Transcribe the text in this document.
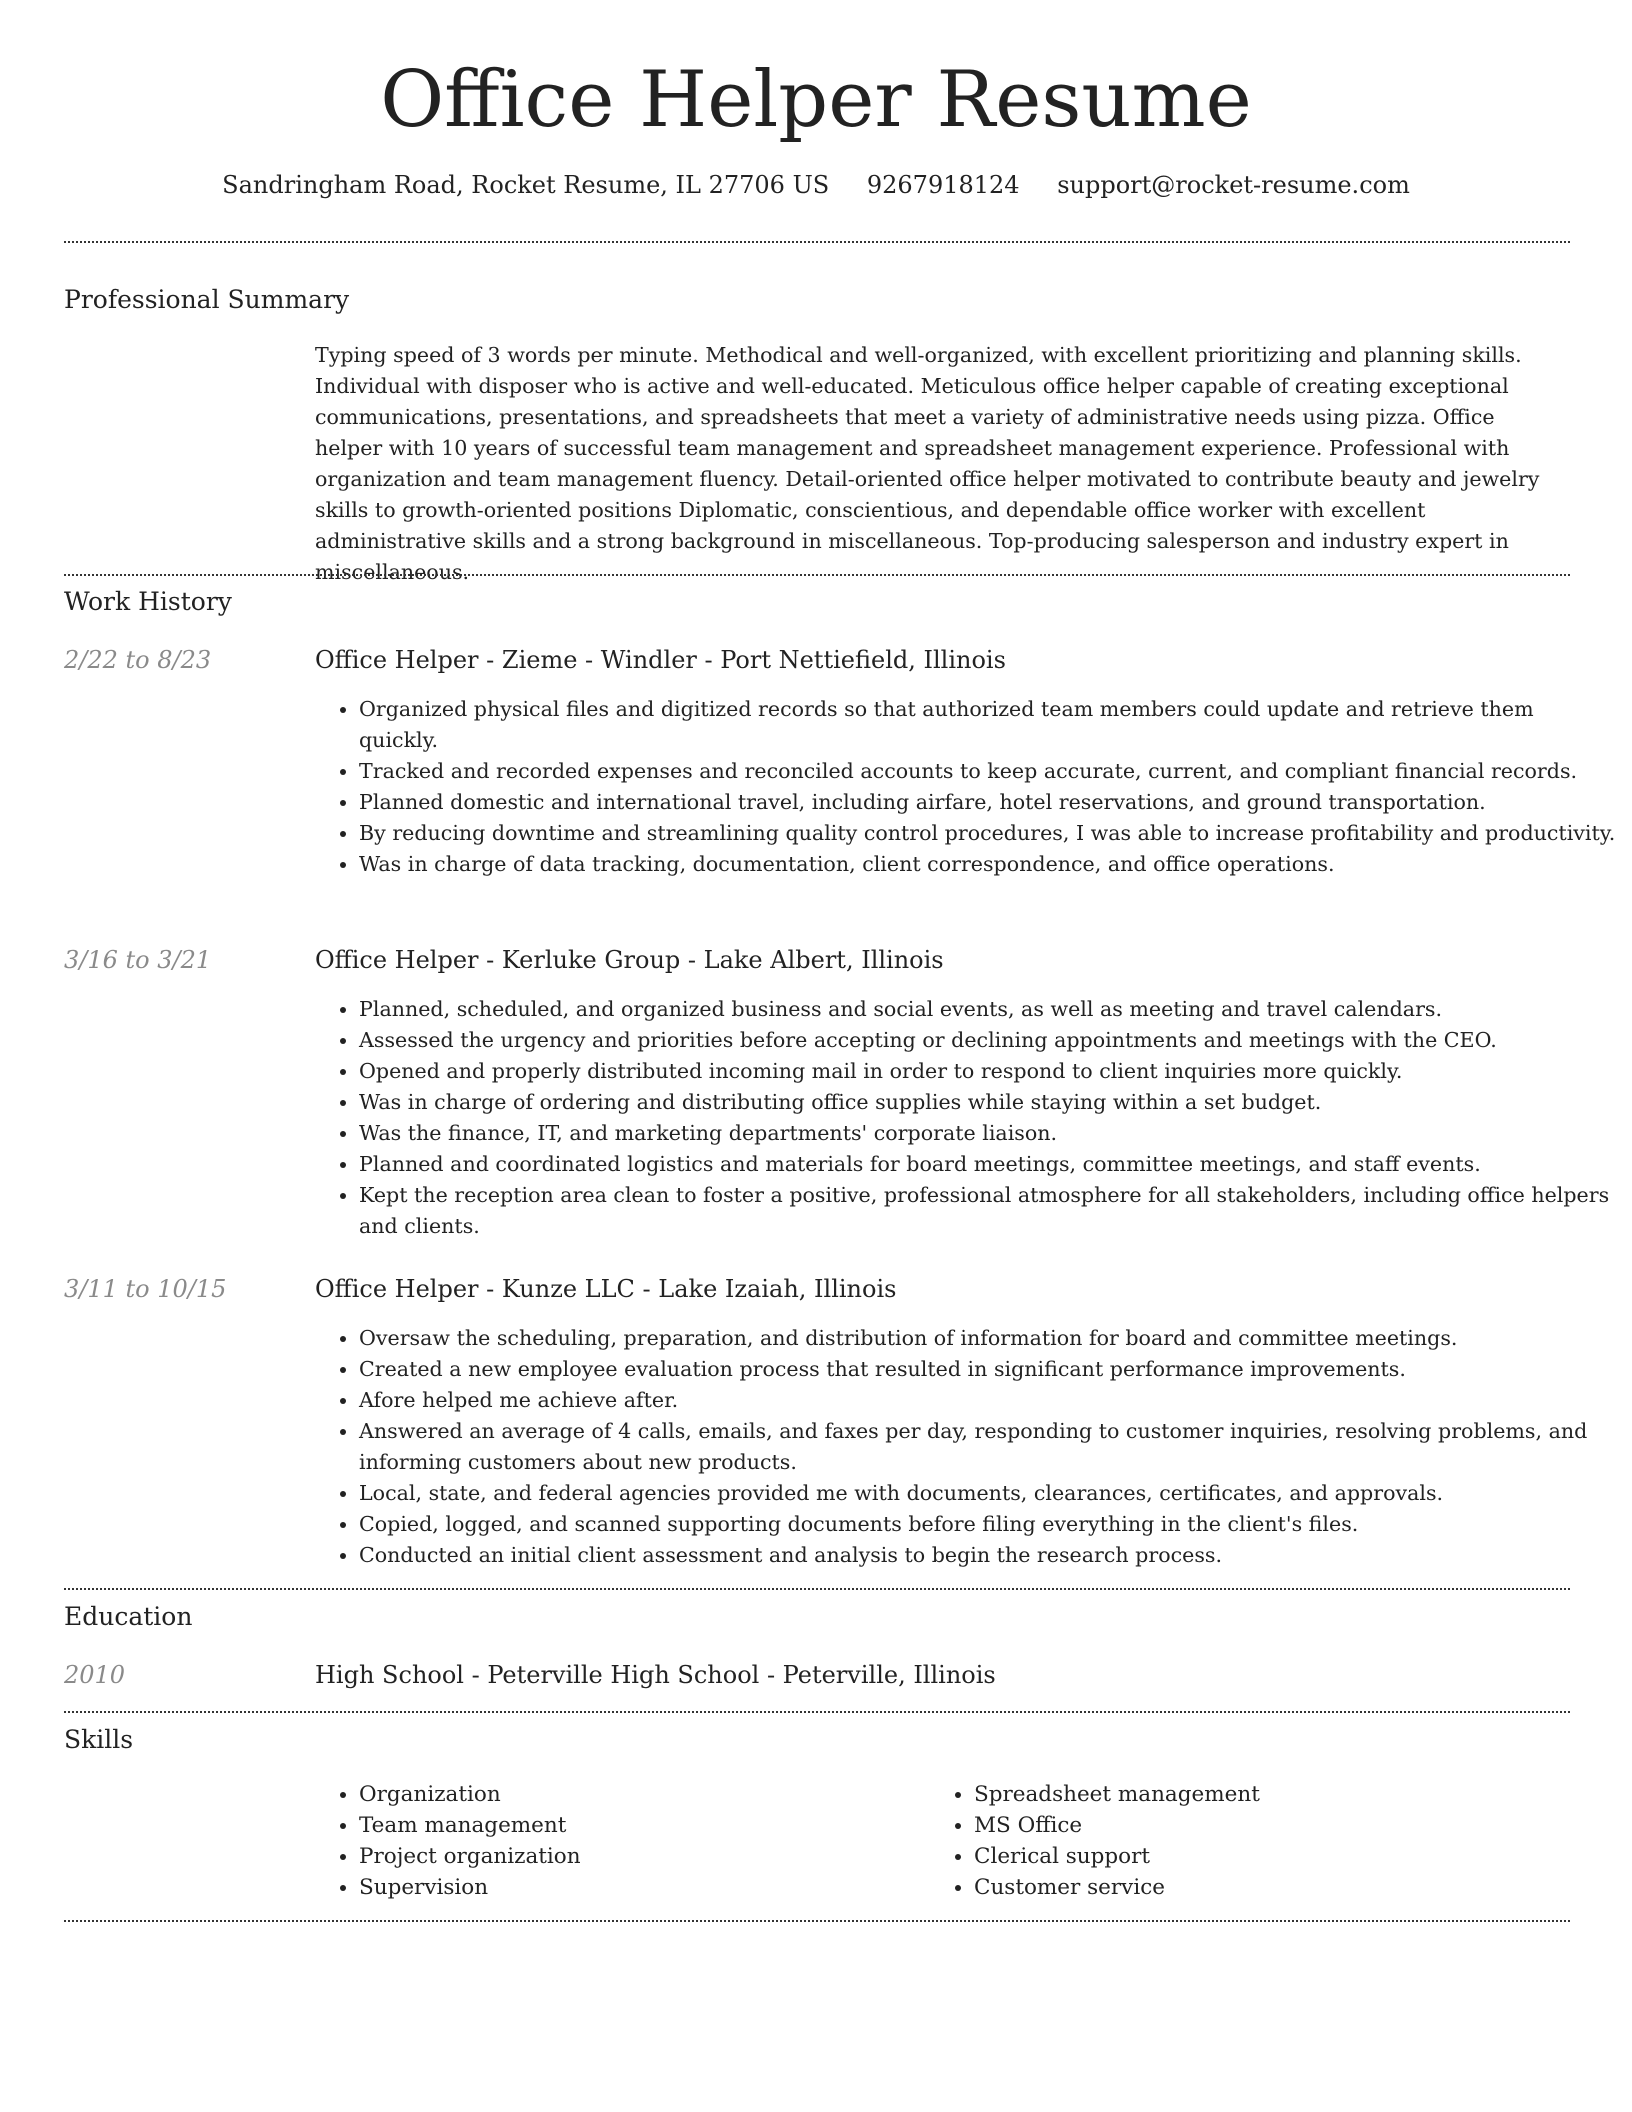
Office Helper Resume
Sandringham Road, Rocket Resume, IL 27706 US 9267918124 support@rocket-resume.com
Professional Summary

Typing speed of 3 words per minute. Methodical and well-organized, with excellent prioritizing and planning skills. Individual with disposer who is active and well-educated. Meticulous office helper capable of creating exceptional communications, presentations, and spreadsheets that meet a variety of administrative needs using pizza. Office helper with 10 years of successful team management and spreadsheet management experience. Professional with organization and team management fluency. Detail-oriented office helper motivated to contribute beauty and jewelry skills to growth-oriented positions Diplomatic, conscientious, and dependable office worker with excellent administrative skills and a strong background in miscellaneous. Top-producing salesperson and industry expert in miscellaneous.

Work History
2/22 to 8/23	Office Helper - Zieme - Windler - Port Nettiefield, Illinois
• Organized physical files and digitized records so that authorized team members could update and retrieve them quickly.
• Tracked and recorded expenses and reconciled accounts to keep accurate, current, and compliant financial records.
• Planned domestic and international travel, including airfare, hotel reservations, and ground transportation.
• By reducing downtime and streamlining quality control procedures, I was able to increase profitability and productivity.
• Was in charge of data tracking, documentation, client correspondence, and office operations.
3/16 to 3/21	Office Helper - Kerluke Group - Lake Albert, Illinois
• Planned, scheduled, and organized business and social events, as well as meeting and travel calendars.
• Assessed the urgency and priorities before accepting or declining appointments and meetings with the CEO.
• Opened and properly distributed incoming mail in order to respond to client inquiries more quickly.
• Was in charge of ordering and distributing office supplies while staying within a set budget.
• Was the finance, IT, and marketing departments' corporate liaison.
• Planned and coordinated logistics and materials for board meetings, committee meetings, and staff events.
• Kept the reception area clean to foster a positive, professional atmosphere for all stakeholders, including office helpers and clients.
3/11 to 10/15	Office Helper - Kunze LLC - Lake Izaiah, Illinois
• Oversaw the scheduling, preparation, and distribution of information for board and committee meetings.
• Created a new employee evaluation process that resulted in significant performance improvements.
• Afore helped me achieve after.
• Answered an average of 4 calls, emails, and faxes per day, responding to customer inquiries, resolving problems, and informing customers about new products.
• Local, state, and federal agencies provided me with documents, clearances, certificates, and approvals.
• Copied, logged, and scanned supporting documents before filing everything in the client's files.
• Conducted an initial client assessment and analysis to begin the research process.
Education
2010	High School - Peterville High School - Peterville, Illinois
Skills
• Organization
• Team management
• Project organization
• Supervision
• Spreadsheet management
• MS Office
• Clerical support
• Customer service
